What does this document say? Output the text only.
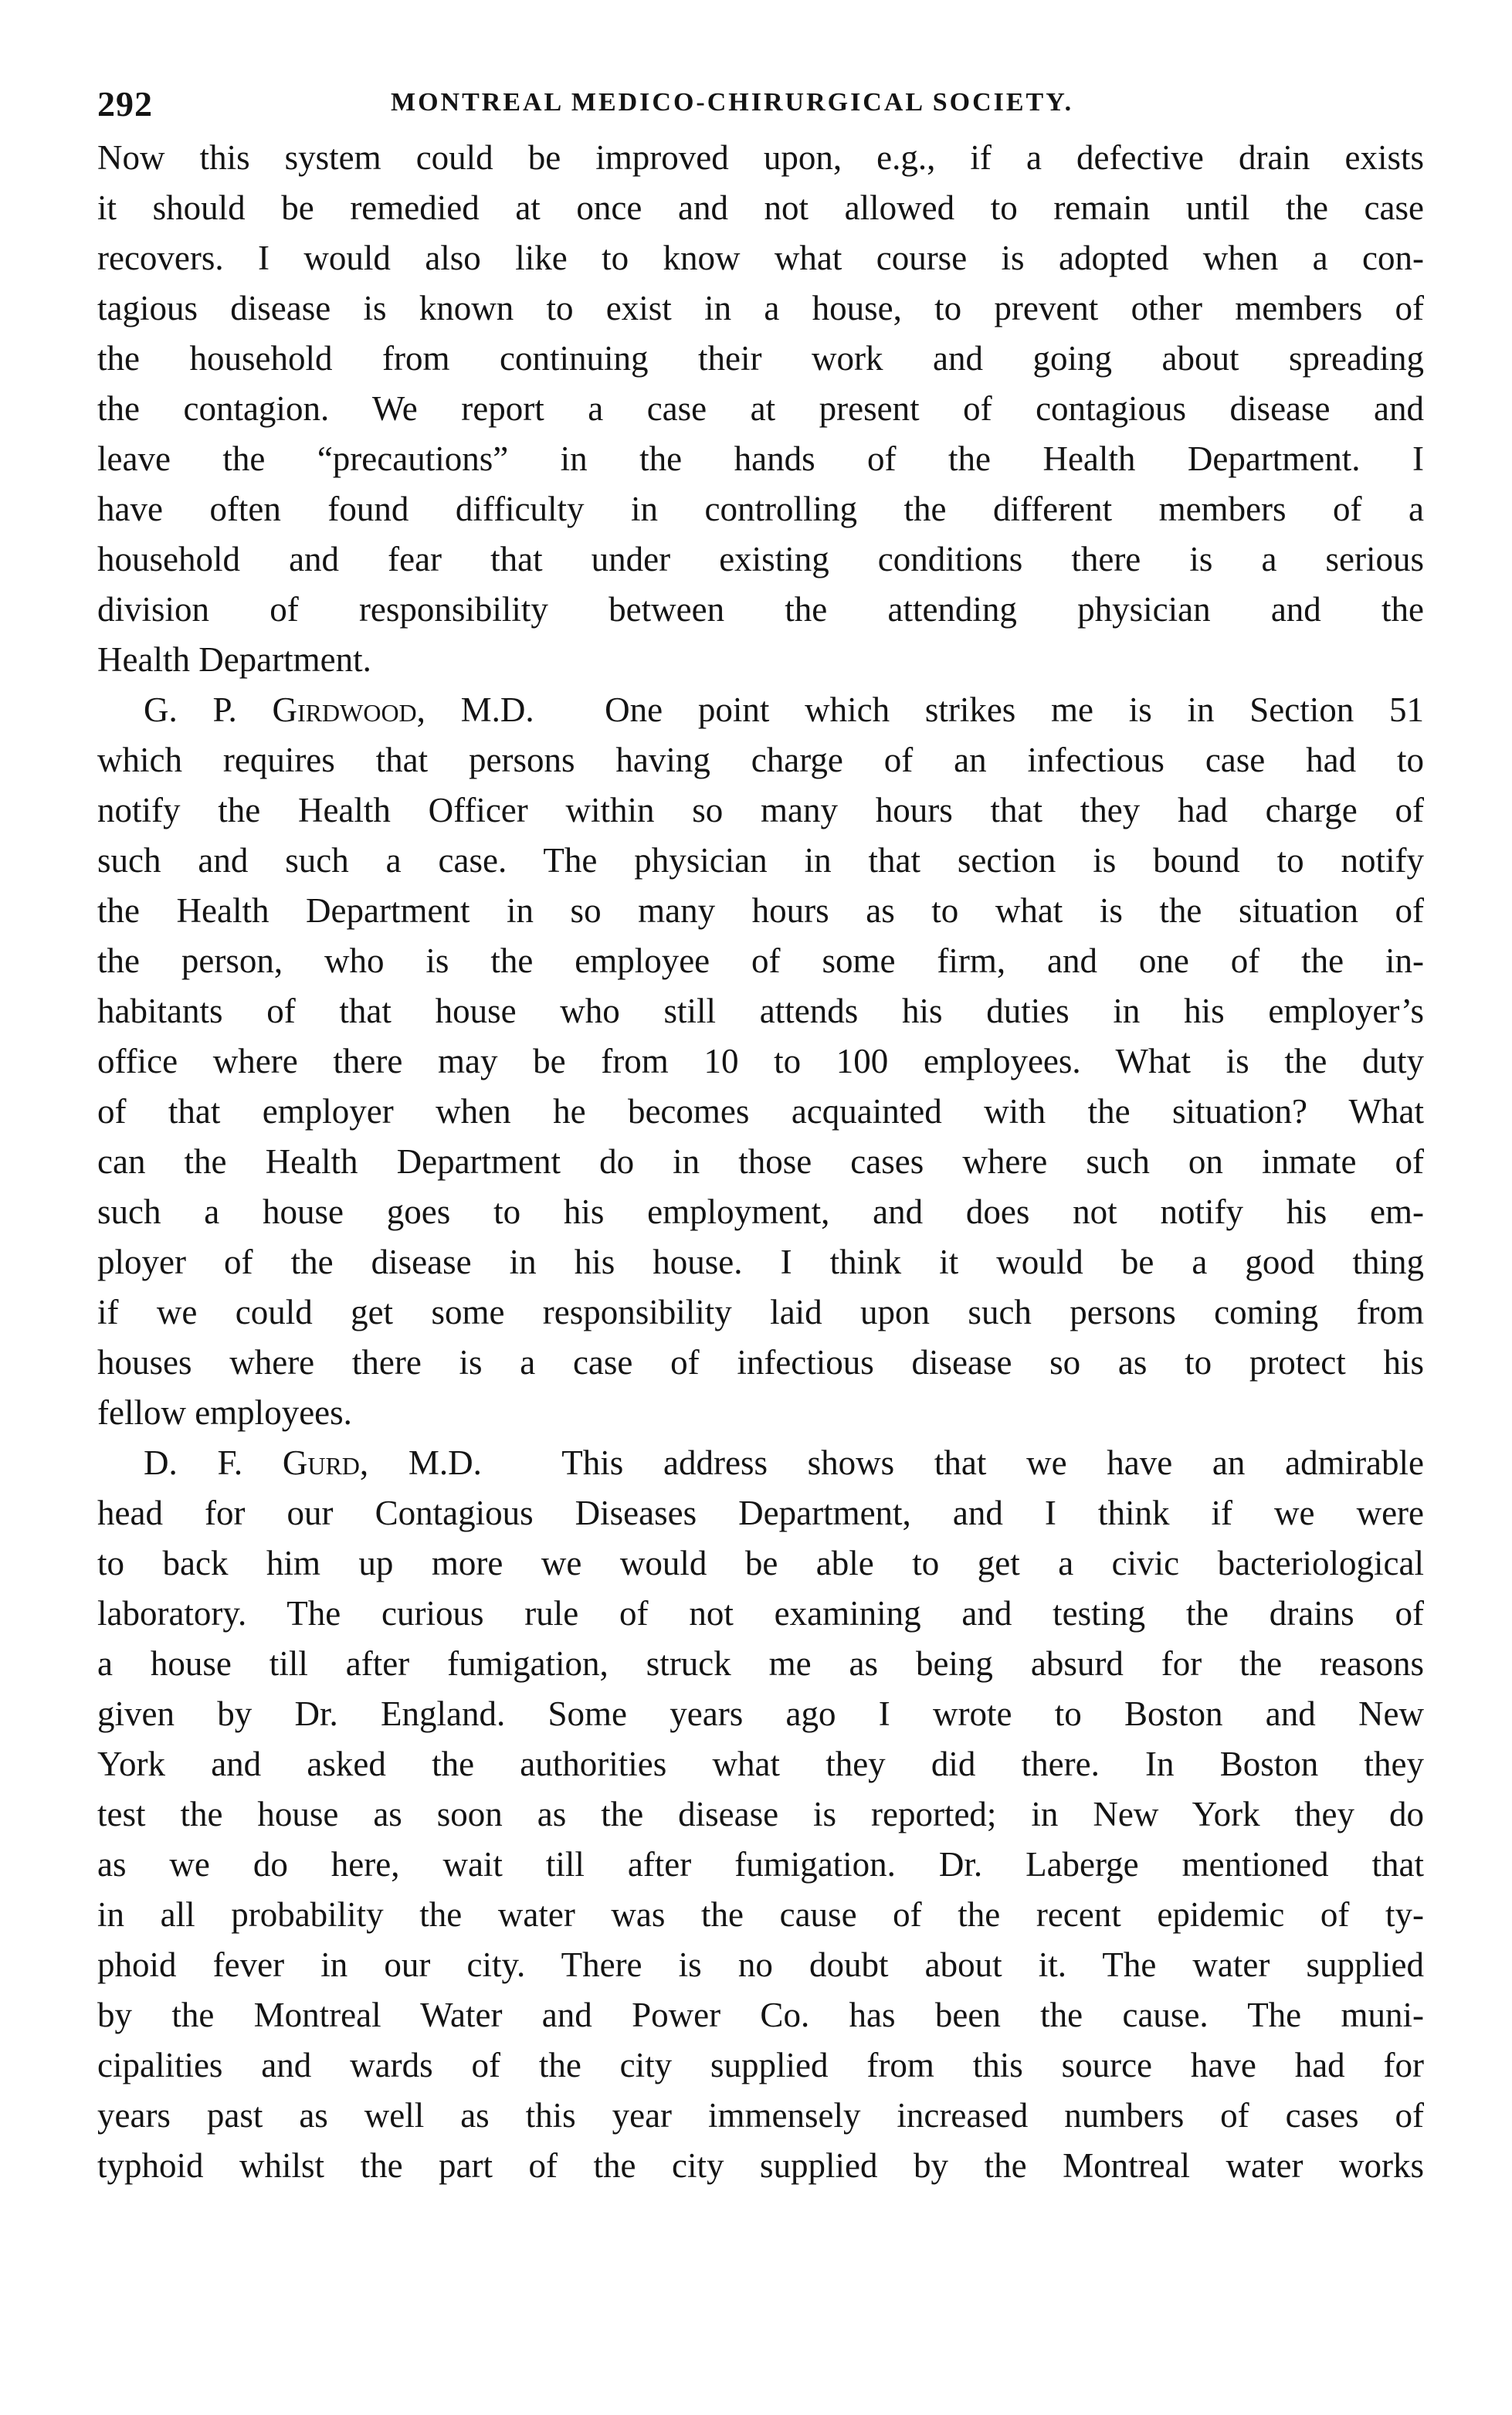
292	MONTREAL MEDICO-CHIRURGICAL SOCIETY.
Now this system could be improved upon, e.g., if a defective drain exists
it should be remedied at once and not allowed to remain until the case
recovers. I would also like to know what course is adopted when a con-
tagious disease is known to exist in a house, to prevent other members of
the household from continuing their work and going about spreading
the contagion. We report a case at present of contagious disease and
leave the “precautions” in the hands of the Health Department. I
have often found difficulty in controlling the different members of a
household and fear that under existing conditions there is a serious
division of responsibility between the attending physician and the
Health Department.
G. P. Girdwood, M.D. One point which strikes me is in Section 51
which requires that persons having charge of an infectious case had to
notify the Health Officer within so many hours that they had charge of
such and such a case. The physician in that section is bound to notify
the Health Department in so many hours as to what is the situation of
the person, who is the employee of some firm, and one of the in-
habitants of that house who still attends his duties in his employer’s
office where there may be from 10 to 100 employees. What is the duty
of that employer when he becomes acquainted with the situation? What
can the Health Department do in those cases where such on inmate of
such a house goes to his employment, and does not notify his em-
ployer of the disease in his house. I think it would be a good thing
if we could get some responsibility laid upon such persons coming from
houses where there is a case of infectious disease so as to protect his
fellow employees.
D. F. Gurd, M.D. This address shows that we have an admirable
head for our Contagious Diseases Department, and I think if we were
to back him up more we would be able to get a civic bacteriological
laboratory. The curious rule of not examining and testing the drains of
a house till after fumigation, struck me as being absurd for the reasons
given by Dr. England. Some years ago I wrote to Boston and New
York and asked the authorities what they did there. In Boston they
test the house as soon as the disease is reported; in New York they do
as we do here, wait till after fumigation. Dr. Laberge mentioned that
in all probability the water was the cause of the recent epidemic of ty-
phoid fever in our city. There is no doubt about it. The water supplied
by the Montreal Water and Power Co. has been the cause. The muni-
cipalities and wards of the city supplied from this source have had for
years past as well as this year immensely increased numbers of cases of
typhoid whilst the part of the city supplied by the Montreal water works
